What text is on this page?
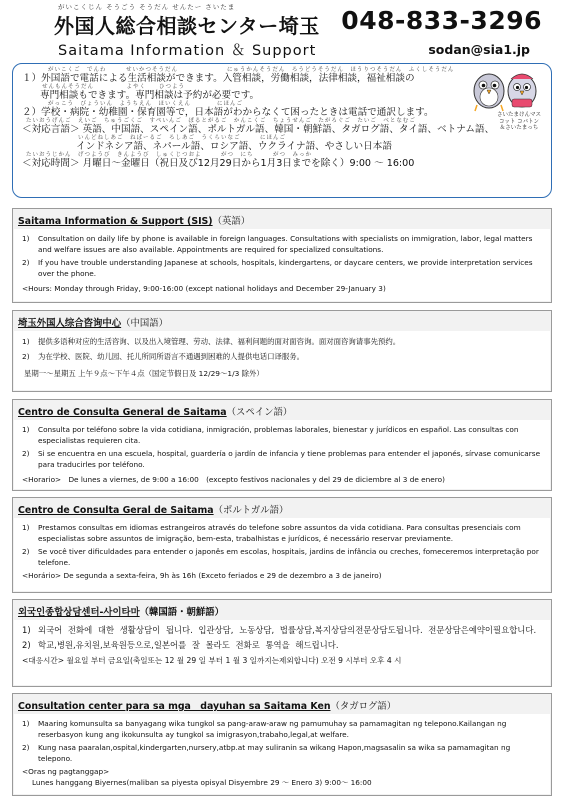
がいこくじん そうごう そうだん せんたー さいたま
外国人総合相談センター埼玉
Saitama Information ＆ Support
048-833-3296
sodan@sia1.jp
がいこくご　でんわ　　　せいかつそうだん	にゅうかんそうだん　ろうどうそうだん　ほうりつそうだん　ふくしそうだん
１）外国語で電話による生活相談ができます。入管相談，労働相談，法律相談，福祉相談の
せんもんそうだん　　　　　よやく　　ひつよう
専門相談もできます。専門相談は予約が必要です。
がっこう　びょういん　ようちえん　ほいくえん　　　　にほんご
２）学校・病院・幼稚園・保育園等で，日本語がわからなくて困ったときは電話で通訳します。
たいおうげんご　えいご　ちゅうごくご　すぺいんご　ぽるとがるご　かんこくご　ちょうせんご　たがろぐご　たいご　べとなむご
＜対応言語＞ 英語、中国語、スペイン語、ポルトガル語、韓国・朝鮮語、タガログ語、タイ語、ベトナム語、
いんどねしあご　ねぱーるご　ろしあご　うくらいなご　　　にほんご
インドネシア語、ネパール語、ロシア語、ウクライナ語、やさしい日本語
たいおうじかん　げつようび　きんようび　しゅくじつおよ　　　がつ　にち　　　がつ　みっか
＜対応時間＞ 月曜日～金曜日（祝日及び12月29日から1月3日までを除く）9:00 ～ 16:00
さいたまけんマスコット コバトン＆さいたまっち
Saitama Information & Support (SIS)（英語）
1)	Consultation on daily life by phone is available in foreign languages. Consultations with specialists on immigration, labor, legal matters and welfare issues are also available. Appointments are required for specialized consultations.
2)	If you have trouble understanding Japanese at schools, hospitals, kindergartens, or daycare centers, we provide interpretation services over the phone.
<Hours: Monday through Friday, 9:00-16:00 (except national holidays and December 29-January 3)
埼玉外国人综合咨询中心（中国語）
1)	提供多语种对应的生活咨询、以及出入境管理、劳动、法律、福利问题的面对面咨询。面对面咨询请事先预约。
2)	为在学校、医院、幼儿园、托儿所同所语言不通遇到困难的人提供电话口译服务。
星期一～星期五 上午９点～下午４点（国定节假日及 12/29～1/3 除外）
Centro de Consulta General de Saitama（スペイン語）
1)	Consulta por teléfono sobre la vida cotidiana, inmigración, problemas laborales, bienestar y jurídicos en español. Las consultas con especialistas requieren cita.
2)	Si se encuentra en una escuela, hospital, guardería o jardín de infancia y tiene problemas para entender el japonés, sírvase comunicarse para traducirles por teléfono.
<Horario>　De lunes a viernes, de 9:00 a 16:00　(excepto festivos nacionales y del 29 de diciembre al 3 de enero)
Centro de Consulta Geral de Saitama（ポルトガル語）
1)	Prestamos consultas em idiomas estrangeiros através do telefone sobre assuntos da vida cotidiana. Para consultas presenciais com especialistas sobre assuntos de imigração, bem-esta, trabalhistas e jurídicos, é necessário reservar previamente.
2)	Se você tiver dificuldades para entender o japonês em escolas, hospitais, jardins de infância ou creches, fomeceremos interpretação por telefone.
<Horário> De segunda a sexta-feira, 9h às 16h (Exceto feriados e 29 de dezembro a 3 de janeiro)
외국인종합상담센터-사이타마（韓国語・朝鮮語）
1) 외국어 전화에 대한 생활상담이 됩니다. 입관상담, 노동상담, 법률상담,복지상담의전문상담도됩니다. 전문상담은예약이필요합니다.
2) 학교,병원,유치원,보육원등으로,일본어를 잘 몰라도 전화로 통역을 해드립니다.
<대응시간> 월요일 부터 금요일(축일또는 12 월 29 일 부터 1 월 3 일까지는제외합니다) 오전 9 시부터 오후 4 시
Consultation center para sa mga　dayuhan sa Saitama Ken（タガログ語）
1)	Maaring komunsulta sa banyagang wika tungkol sa pang-araw-araw ng pamumuhay sa pamamagitan ng telepono.Kailangan ng reserbasyon kung ang ikokunsulta ay tungkol sa imigrasyon,trabaho,legal,at welfare.
2)	Kung nasa paaralan,ospital,kindergarten,nursery,atbp.at may suliranin sa wikang Hapon,magsasalin sa wika sa pamamagitan ng telepono.
<Oras ng pagtanggap>
Lunes hanggang Biyernes(maliban sa piyesta opisyal Disyembre 29 ～ Enero 3) 9:00～ 16:00
